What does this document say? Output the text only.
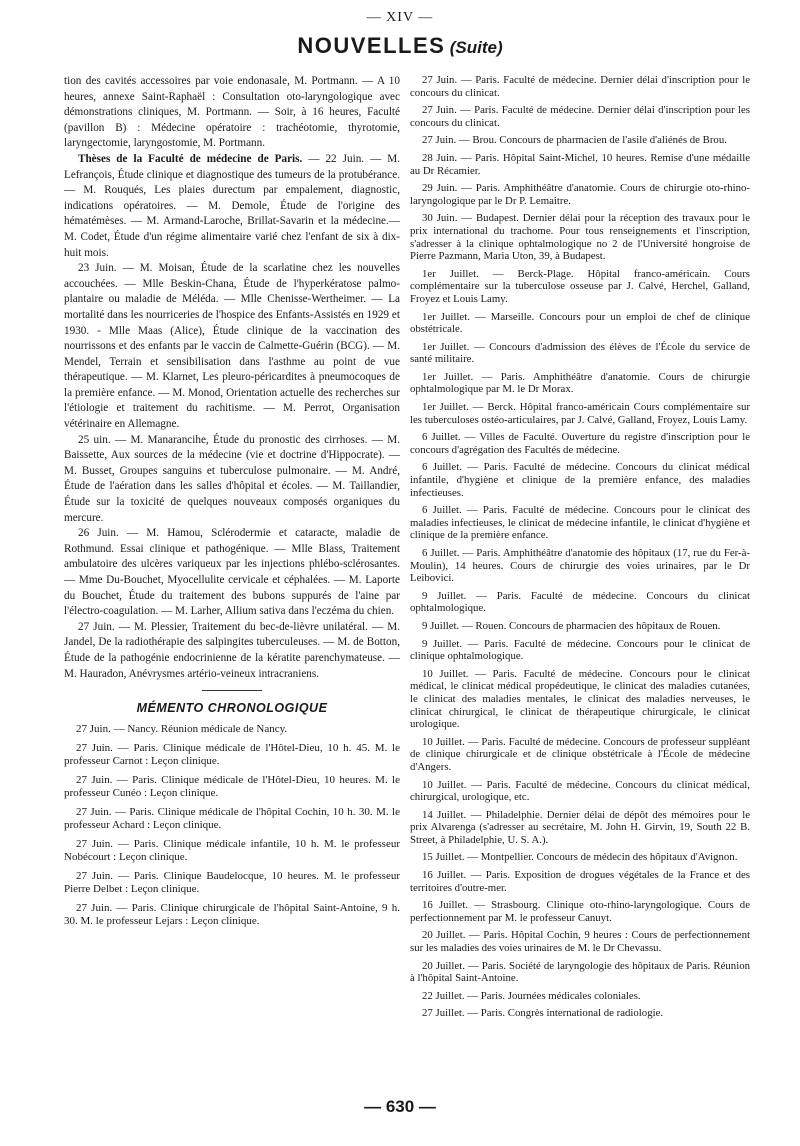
— XIV —
NOUVELLES (Suite)

tion des cavités accessoires par voie endonasale, M. Portmann. — A 10 heures, annexe Saint-Raphaël : Consultation oto-laryngologique avec démonstrations cliniques, M. Portmann. — Soir, à 16 heures, Faculté (pavillon B) : Médecine opératoire : trachéotomie, thyrotomie, laryngectomie, laryngostomie, M. Portmann.

Thèses de la Faculté de médecine de Paris. — 22 Juin. — M. Lefrançois, Étude clinique et diagnostique des tumeurs de la protubérance. — M. Rouqués, Les plaies durectum par empalement, diagnostic, indications opératoires. — M. Demole, Étude de l'origine des hématémèses. — M. Armand-Laroche, Brillat-Savarin et la médecine.— M. Codet, Étude d'un régime alimentaire varié chez l'enfant de six à dix-huit mois.

23 Juin. — M. Moisan, Étude de la scarlatine chez les nouvelles accouchées. — Mlle Beskin-Chana, Étude de l'hyperkératose palmo-plantaire ou maladie de Méléda. — Mlle Chenisse-Wertheimer. — La mortalité dans les nourriceries de l'hospice des Enfants-Assistés en 1929 et 1930. - Mlle Maas (Alice), Étude clinique de la vaccination des nourrissons et des enfants par le vaccin de Calmette-Guérin (BCG). — M. Mendel, Terrain et sensibilisation dans l'asthme au point de vue thérapeutique. — M. Klarnet, Les pleuro-péricardites à pneumocoques de la première enfance. — M. Monod, Orientation actuelle des recherches sur l'étiologie et traitement du rachitisme. — M. Perrot, Organisation vétérinaire en Allemagne.

25 uin. — M. Manarancihe, Étude du pronostic des cirrhoses. — M. Baissette, Aux sources de la médecine (vie et doctrine d'Hippocrate). — M. Busset, Groupes sanguins et tuberculose pulmonaire. — M. André, Étude de l'aération dans les salles d'hôpital et écoles. — M. Taillandier, Étude sur la toxicité de quelques nouveaux composés organiques du mercure.

26 Juin. — M. Hamou, Sclérodermie et cataracte, maladie de Rothmund. Essai clinique et pathogénique. — Mlle Blass, Traitement ambulatoire des ulcères variqueux par les injections phlébo-sclérosantes. — Mme Du-Bouchet, Myocellulite cervicale et céphalées. — M. Laporte du Bouchet, Étude du traitement des bubons suppurés de l'aine par l'électro-coagulation. — M. Larher, Allium sativa dans l'eczéma du chien.

27 Juin. — M. Plessier, Traitement du bec-de-lièvre unilatéral. — M. Jandel, De la radiothérapie des salpingites tuberculeuses. — M. de Botton, Étude de la pathogénie endocrinienne de la kératite parenchymateuse. — M. Hauradon, Anévrysmes artério-veineux intracraniens.

MÉMENTO CHRONOLOGIQUE

27 Juin. — Nancy. Réunion médicale de Nancy.

27 Juin. — Paris. Clinique médicale de l'Hôtel-Dieu, 10 h. 45. M. le professeur Carnot : Leçon clinique.

27 Juin. — Paris. Clinique médicale de l'Hôtel-Dieu, 10 heures. M. le professeur Cunéo : Leçon clinique.

27 Juin. — Paris. Clinique médicale de l'hôpital Cochin, 10 h. 30. M. le professeur Achard : Leçon clinique.

27 Juin. — Paris. Clinique médicale infantile, 10 h. M. le professeur Nobécourt : Leçon clinique.

27 Juin. — Paris. Clinique Baudelocque, 10 heures. M. le professeur Pierre Delbet : Leçon clinique.

27 Juin. — Paris. Clinique chirurgicale de l'hôpital Saint-Antoine, 9 h. 30. M. le professeur Lejars : Leçon clinique.

27 Juin. — Paris. Faculté de médecine. Dernier délai d'inscription pour le concours du clinicat.

27 Juin. — Paris. Faculté de médecine. Dernier délai d'inscription pour les concours du clinicat.

27 Juin. — Brou. Concours de pharmacien de l'asile d'aliénés de Brou.

28 Juin. — Paris. Hôpital Saint-Michel, 10 heures. Remise d'une médaille au Dr Récamier.

29 Juin. — Paris. Amphithéâtre d'anatomie. Cours de chirurgie oto-rhino-laryngologique par le Dr P. Lemaitre.

30 Juin. — Budapest. Dernier délai pour la réception des travaux pour le prix international du trachome. Pour tous renseignements et l'inscription, s'adresser à la clinique ophtalmologique no 2 de l'Université hongroise de Pierre Pazmann, Maria Uton, 39, à Budapest.

1er Juillet. — Berck-Plage. Hôpital franco-américain. Cours complémentaire sur la tuberculose osseuse par J. Calvé, Herchel, Galland, Froyez et Louis Lamy.

1er Juillet. — Marseille. Concours pour un emploi de chef de clinique obstétricale.

1er Juillet. — Concours d'admission des élèves de l'École du service de santé militaire.

1er Juillet. — Paris. Amphithéâtre d'anatomie. Cours de chirurgie ophtalmologique par M. le Dr Morax.

1er Juillet. — Berck. Hôpital franco-américain Cours complémentaire sur les tuberculoses ostéo-articulaires, par J. Calvé, Galland, Froyez, Louis Lamy.

6 Juillet. — Villes de Faculté. Ouverture du registre d'inscription pour le concours d'agrégation des Facultés de médecine.

6 Juillet. — Paris. Faculté de médecine. Concours du clinicat médical infantile, d'hygiène et clinique de la première enfance, des maladies infectieuses.

6 Juillet. — Paris. Faculté de médecine. Concours pour le clinicat des maladies infectieuses, le clinicat de médecine infantile, le clinicat d'hygiène et clinique de la première enfance.

6 Juillet. — Paris. Amphithéâtre d'anatomie des hôpitaux (17, rue du Fer-à-Moulin), 14 heures. Cours de chirurgie des voies urinaires, par le Dr Leibovici.

9 Juillet. — Paris. Faculté de médecine. Concours du clinicat ophtalmologique.

9 Juillet. — Rouen. Concours de pharmacien des hôpitaux de Rouen.

9 Juillet. — Paris. Faculté de médecine. Concours pour le clinicat de clinique ophtalmologique.

10 Juillet. — Paris. Faculté de médecine. Concours pour le clinicat médical, le clinicat médical propédeutique, le clinicat des maladies cutanées, le clinicat des maladies mentales, le clinicat des maladies nerveuses, le clinicat chirurgical, le clinicat de thérapeutique chirurgicale, le clinicat urologique.

10 Juillet. — Paris. Faculté de médecine. Concours de professeur suppléant de clinique chirurgicale et de clinique obstétricale à l'École de médecine d'Angers.

10 Juillet. — Paris. Faculté de médecine. Concours du clinicat médical, chirurgical, urologique, etc.

14 Juillet. — Philadelphie. Dernier délai de dépôt des mémoires pour le prix Alvarenga (s'adresser au secrétaire, M. John H. Girvin, 19, South 22 B. Street, à Philadelphie, U. S. A.).

15 Juillet. — Montpellier. Concours de médecin des hôpitaux d'Avignon.

16 Juillet. — Paris. Exposition de drogues végétales de la France et des territoires d'outre-mer.

16 Juillet. — Strasbourg. Clinique oto-rhino-laryngologique. Cours de perfectionnement par M. le professeur Canuyt.

20 Juillet. — Paris. Hôpital Cochin, 9 heures : Cours de perfectionnement sur les maladies des voies urinaires de M. le Dr Chevassu.

20 Juillet. — Paris. Société de laryngologie des hôpitaux de Paris. Réunion à l'hôpital Saint-Antoine.

22 Juillet. — Paris. Journées médicales coloniales.

27 Juillet. — Paris. Congrès international de radiologie.

— 630 —
